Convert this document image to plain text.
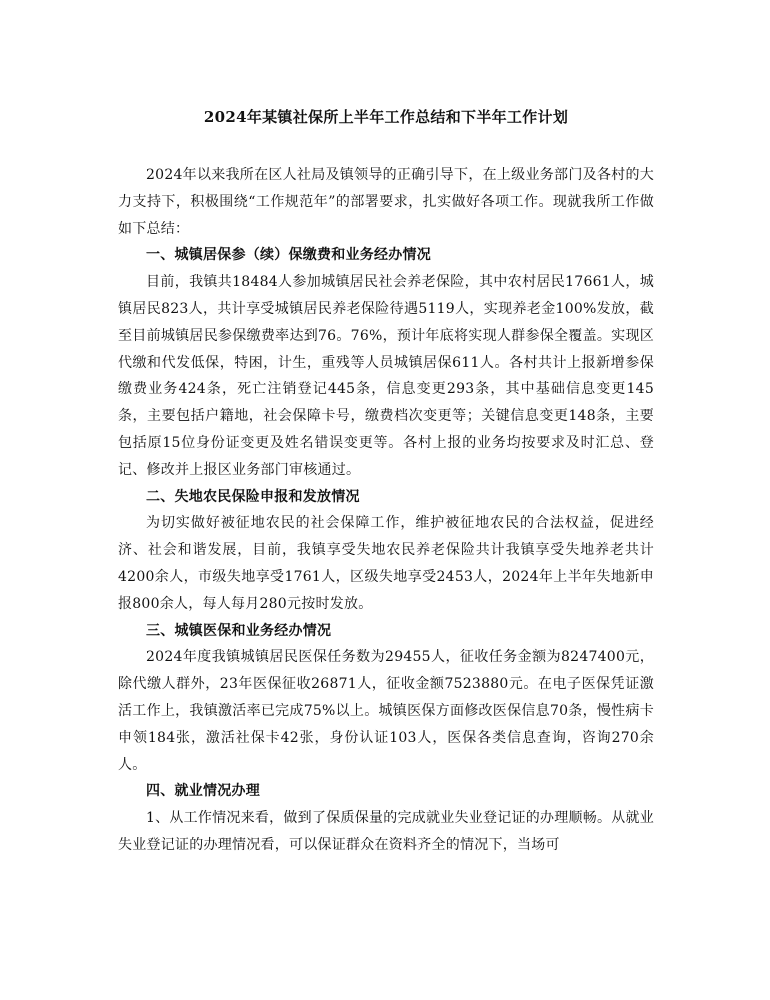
2024年某镇社保所上半年工作总结和下半年工作计划

2024年以来我所在区人社局及镇领导的正确引导下，在上级业务部门及各村的大力支持下，积极围绕“工作规范年”的部署要求，扎实做好各项工作。现就我所工作做如下总结：

一、城镇居保参（续）保缴费和业务经办情况

目前，我镇共18484人参加城镇居民社会养老保险，其中农村居民17661人，城镇居民823人，共计享受城镇居民养老保险待遇5119人，实现养老金100%发放，截至目前城镇居民参保缴费率达到76。76%，预计年底将实现人群参保全覆盖。实现区代缴和代发低保，特困，计生，重残等人员城镇居保611人。各村共计上报新增参保缴费业务424条，死亡注销登记445条，信息变更293条，其中基础信息变更145条，主要包括户籍地，社会保障卡号，缴费档次变更等；关键信息变更148条，主要包括原15位身份证变更及姓名错误变更等。各村上报的业务均按要求及时汇总、登记、修改并上报区业务部门审核通过。

二、失地农民保险申报和发放情况

为切实做好被征地农民的社会保障工作，维护被征地农民的合法权益，促进经济、社会和谐发展，目前，我镇享受失地农民养老保险共计我镇享受失地养老共计4200余人，市级失地享受1761人，区级失地享受2453人，2024年上半年失地新申报800余人，每人每月280元按时发放。

三、城镇医保和业务经办情况

2024年度我镇城镇居民医保任务数为29455人，征收任务金额为8247400元，除代缴人群外，23年医保征收26871人，征收金额7523880元。在电子医保凭证激活工作上，我镇激活率已完成75%以上。城镇医保方面修改医保信息70条，慢性病卡申领184张，激活社保卡42张，身份认证103人，医保各类信息查询，咨询270余人。

四、就业情况办理

1、从工作情况来看，做到了保质保量的完成就业失业登记证的办理顺畅。从就业失业登记证的办理情况看，可以保证群众在资料齐全的情况下，当场可
